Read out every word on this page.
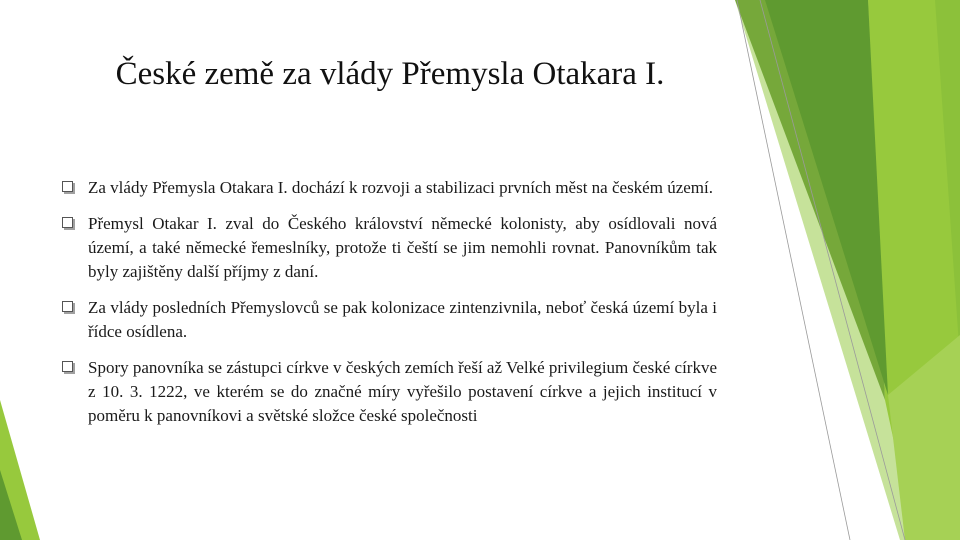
České země za vlády Přemysla Otakara I.
Za vlády Přemysla Otakara I. dochází k rozvoji a stabilizaci prvních měst na českém území.
Přemysl Otakar I. zval do Českého království německé kolonisty, aby osídlovali nová území, a také německé řemeslníky, protože ti čeští se jim nemohli rovnat. Panovníkům tak byly zajištěny další příjmy z daní.
Za vlády posledních Přemyslovců se pak kolonizace zintenzivnila, neboť česká území byla i řídce osídlena.
Spory panovníka se zástupci církve v českých zemích řeší až Velké privilegium české církve z 10. 3. 1222, ve kterém se do značné míry vyřešilo postavení církve a jejich institucí v poměru k panovníkovi a světské složce české společnosti
